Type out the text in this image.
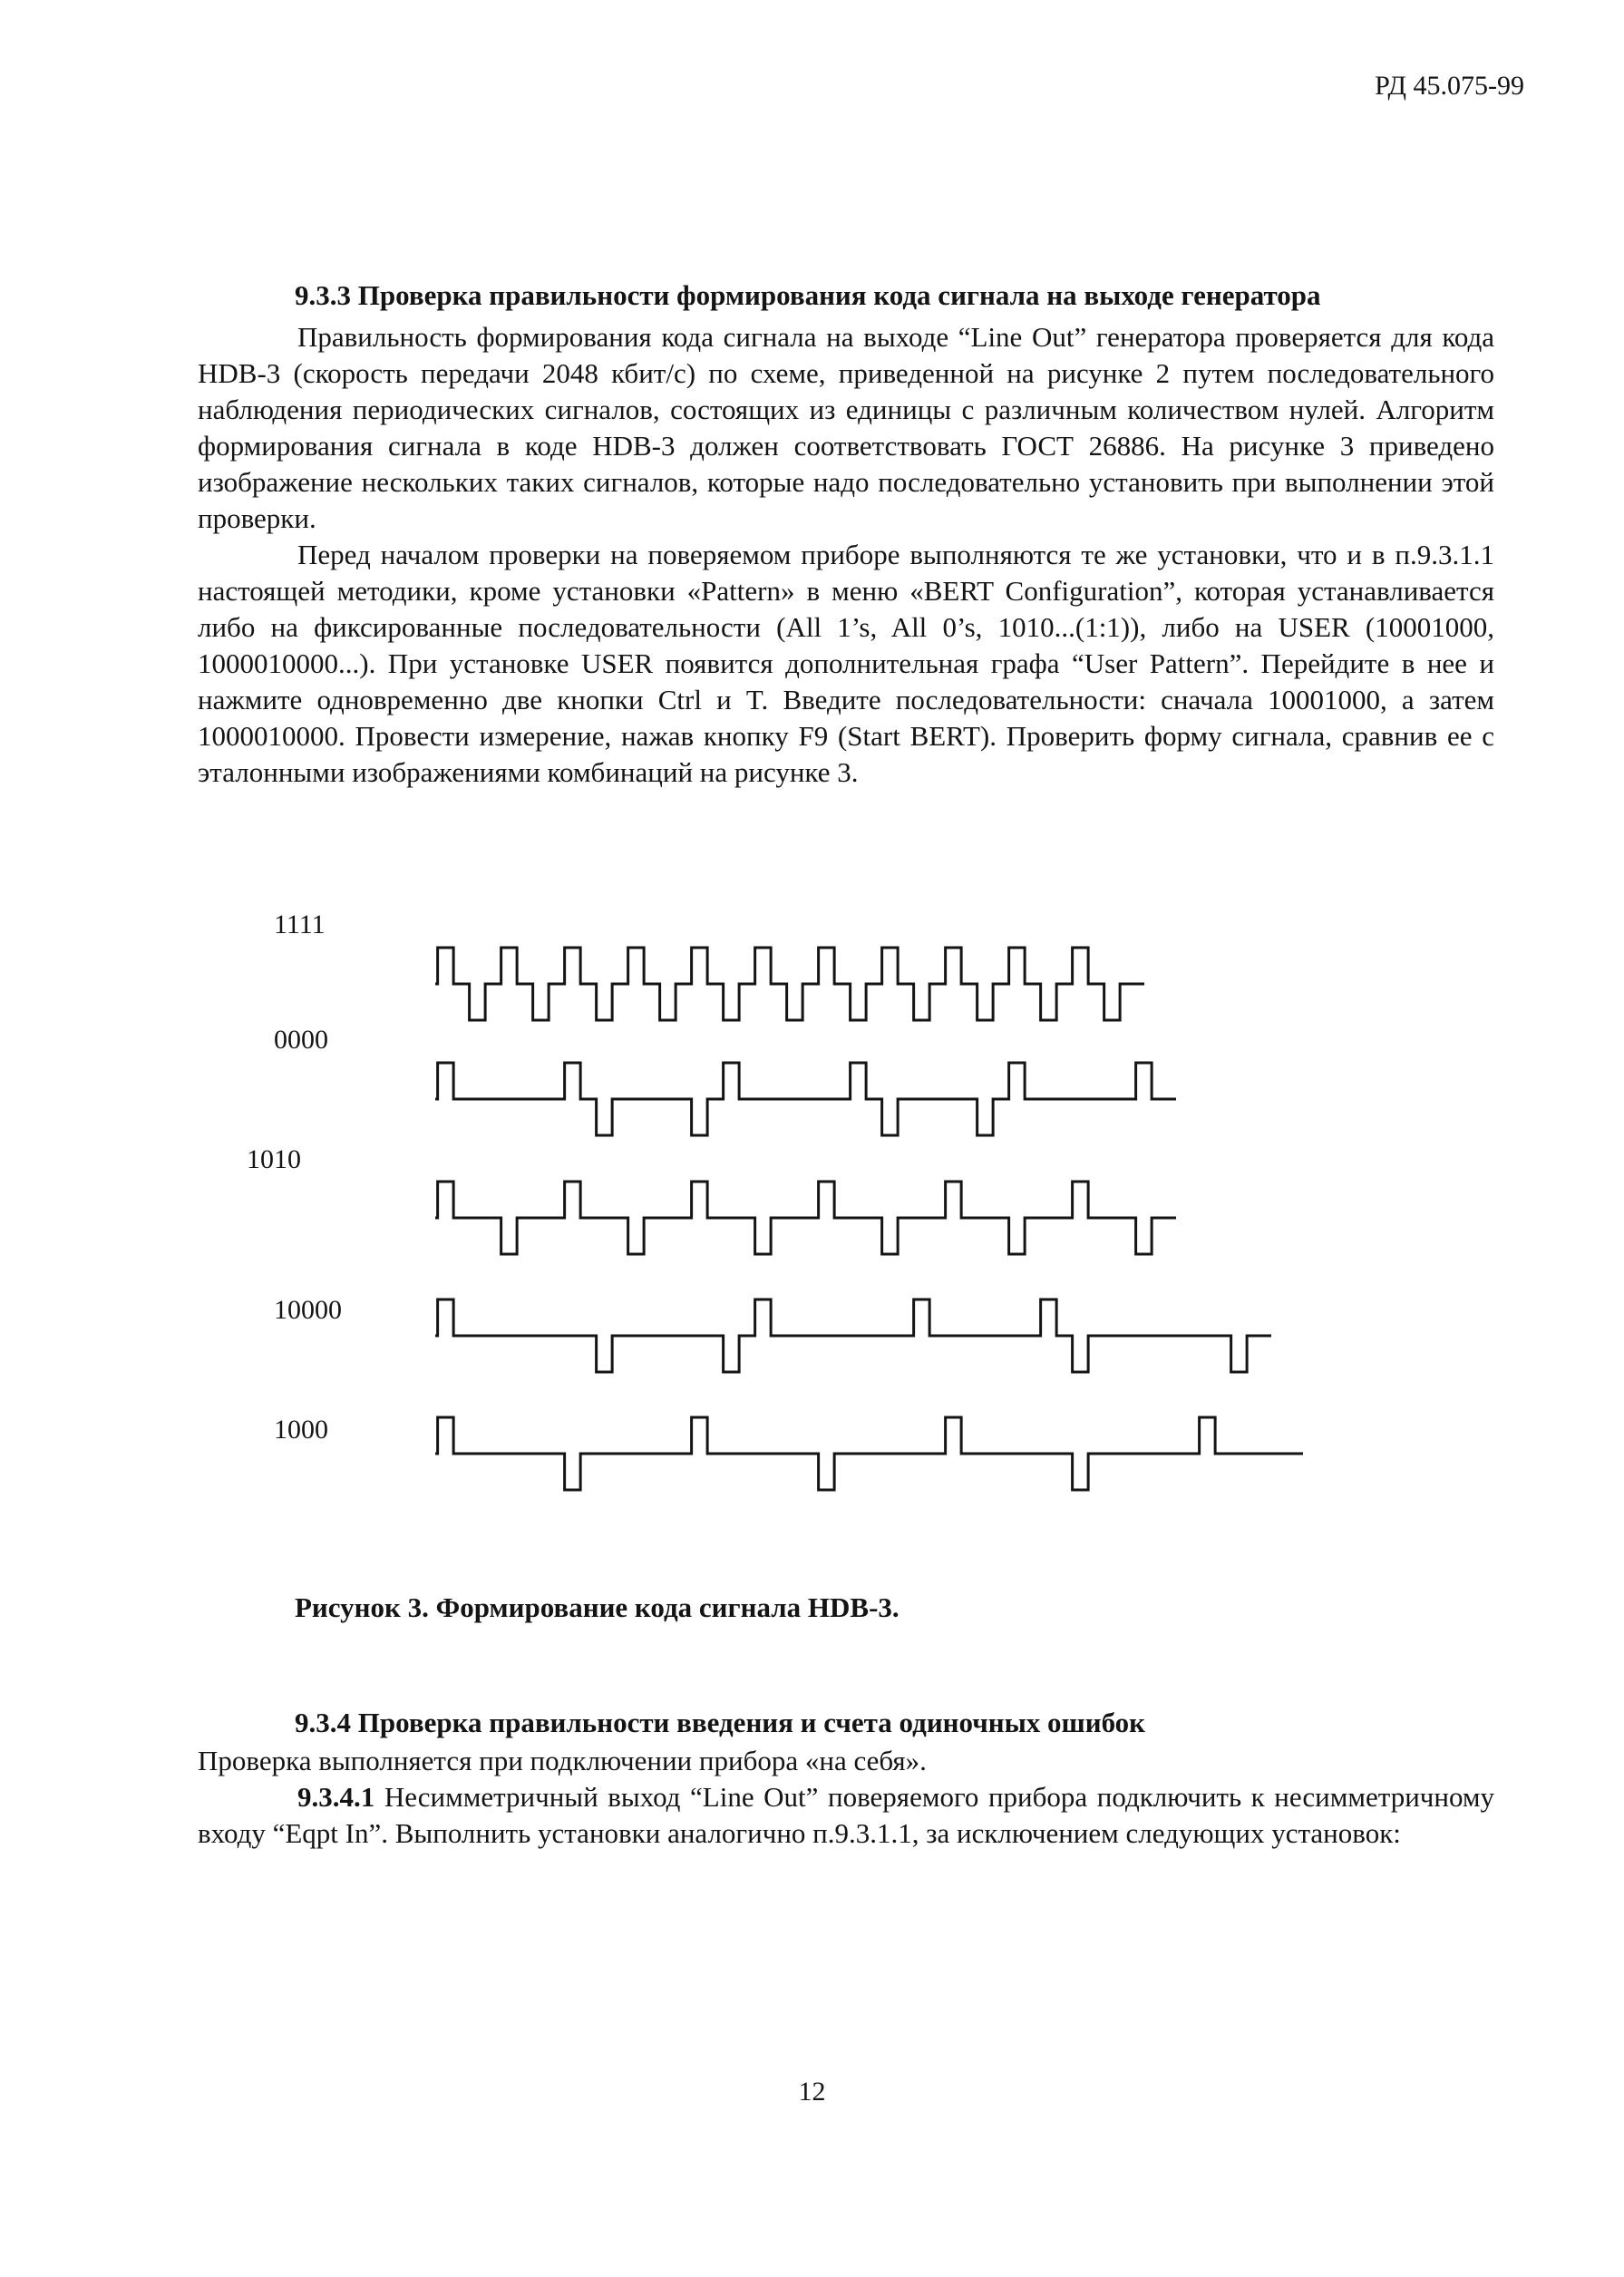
РД 45.075-99
9.3.3 Проверка правильности формирования кода сигнала на выходе генератора

Правильность формирования кода сигнала на выходе “Line Out” генератора проверяется для кода HDB-3 (скорость передачи 2048 кбит/с) по схеме, приведенной на рисунке 2 путем последовательного наблюдения периодических сигналов, состоящих из единицы с различным количеством нулей. Алгоритм формирования сигнала в коде HDB-3 должен соответствовать ГОСТ 26886. На рисунке 3 приведено изображение нескольких таких сигналов, которые надо последовательно установить при выполнении этой проверки.

Перед началом проверки на поверяемом приборе выполняются те же установки, что и в п.9.3.1.1 настоящей методики, кроме установки «Pattern» в меню «BERT Configuration”, которая устанавливается либо на фиксированные последовательности (All 1’s, All 0’s, 1010...(1:1)), либо на USER (10001000, 1000010000...). При установке USER появится дополнительная графа “User Pattern”. Перейдите в нее и нажмите одновременно две кнопки Ctrl и T. Введите последовательности: сначала 10001000, а затем 1000010000. Провести измерение, нажав кнопку F9 (Start BERT). Проверить форму сигнала, сравнив ее с эталонными изображениями комбинаций на рисунке 3.

1111
0000
1010
10000
1000
Рисунок 3. Формирование кода сигнала HDB-3.
9.3.4 Проверка правильности введения и счета одиночных ошибок

Проверка выполняется при подключении прибора «на себя».

9.3.4.1 Несимметричный выход “Line Out” поверяемого прибора подключить к несимметричному входу “Eqpt In”. Выполнить установки аналогично п.9.3.1.1, за исключением следующих установок:

12
